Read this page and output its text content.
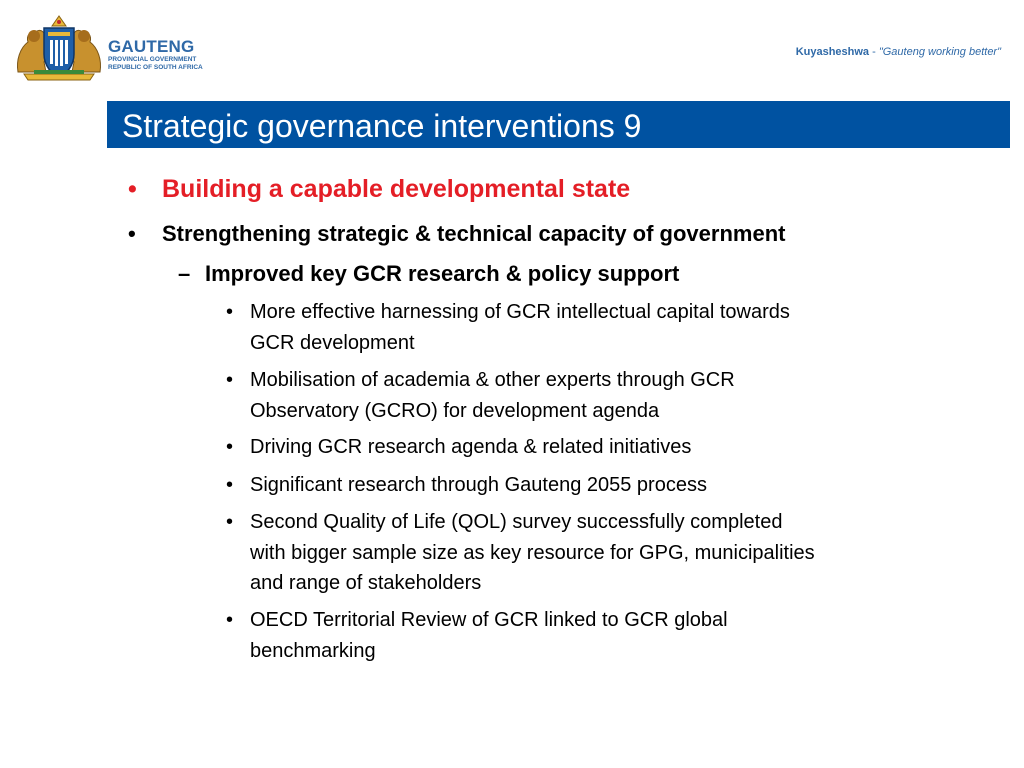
GAUTENG
PROVINCIAL GOVERNMENT
REPUBLIC OF SOUTH AFRICA
Kuyasheshwa - "Gauteng working better"
Strategic governance interventions 9
• Building a capable developmental state
• Strengthening strategic & technical capacity of government
– Improved key GCR research & policy support
• More effective harnessing of GCR intellectual capital towards
GCR development
• Mobilisation of academia & other experts through GCR
Observatory (GCRO) for development agenda
• Driving GCR research agenda & related initiatives
• Significant research through Gauteng 2055 process
• Second Quality of Life (QOL) survey successfully completed
with bigger sample size as key resource for GPG, municipalities
and range of stakeholders
• OECD Territorial Review of GCR linked to GCR global
benchmarking
